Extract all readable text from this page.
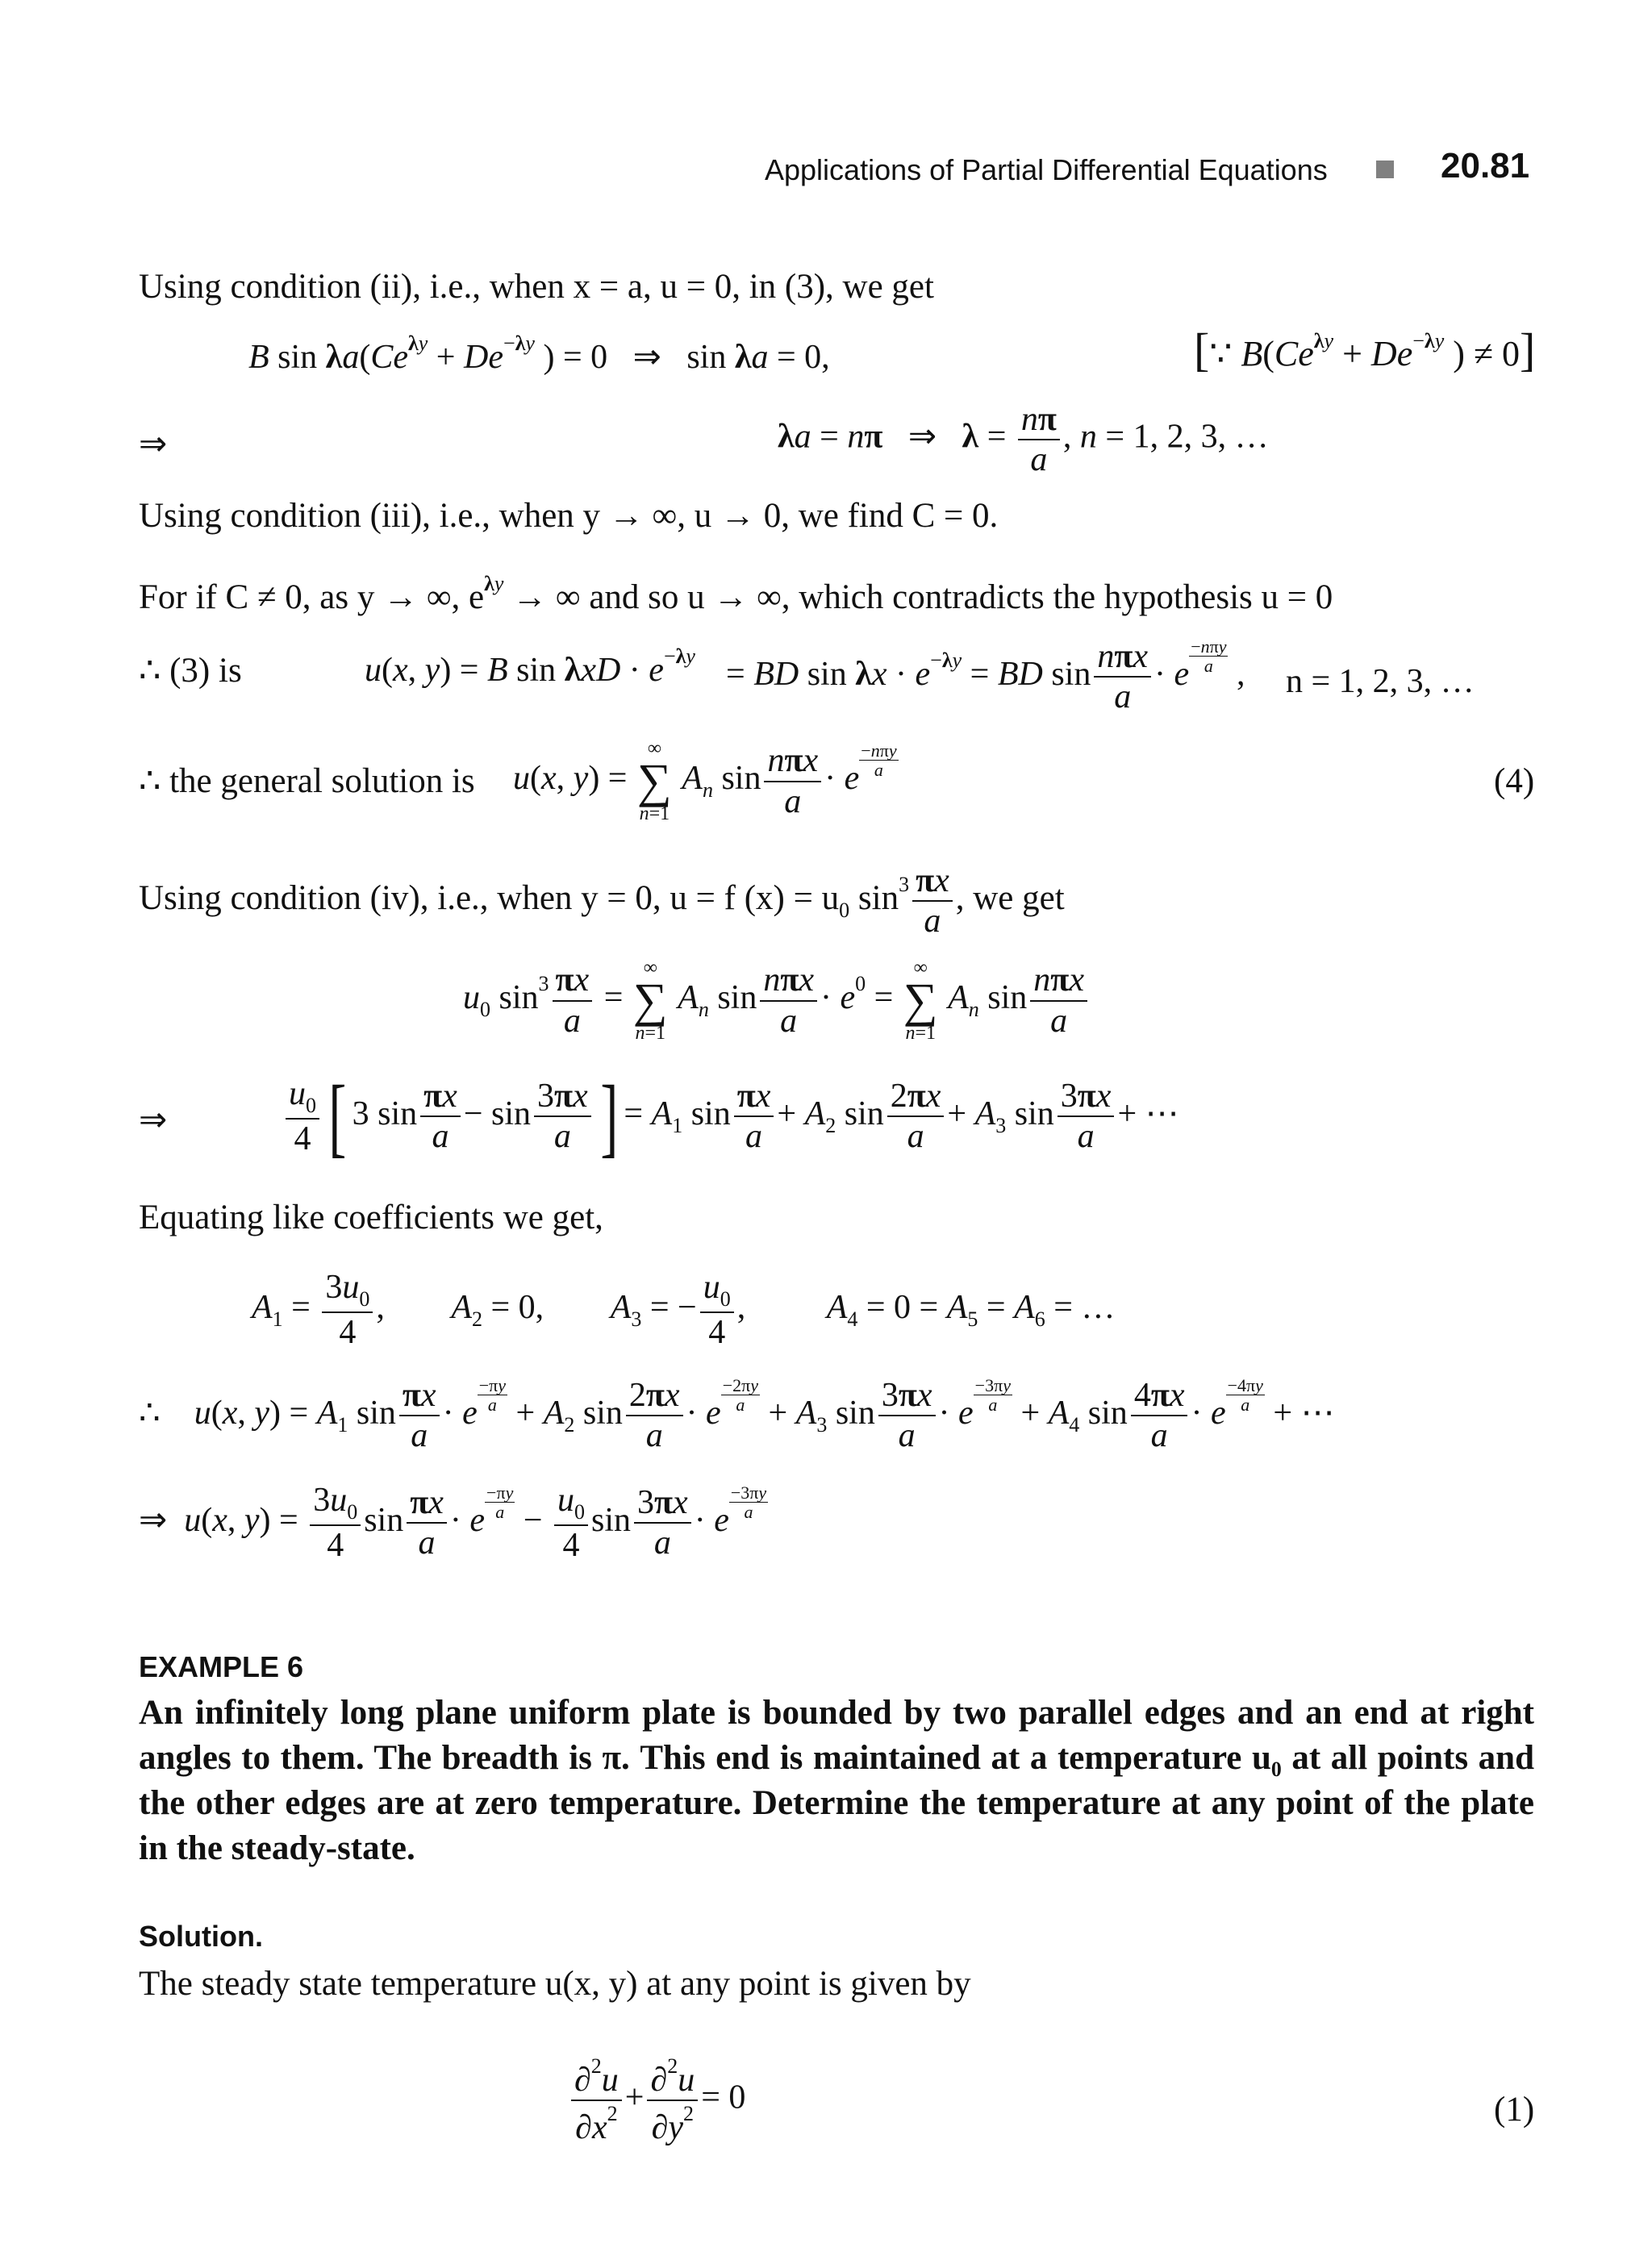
Applications of Partial Differential Equations	20.81
Using condition (ii), i.e., when x = a, u = 0, in (3), we get
B $\sin \lambda a(Ce^{\lambda y} + De^{-\lambda y}$ ) = 0   ⇒   sin λa = 0,	[∵ $B(Ce^{\lambda y} + De^{-\lambda y}$ ) ≠ 0]
⇒	λa = nπ   ⇒   $\lambda = \frac{n\pi}{a}$ , n = 1, 2, 3, …
Using condition (iii), i.e., when y → ∞, u → 0, we find C = 0.
For if C ≠ 0, as y → ∞, $e^{\lambda y}$ → ∞ and so u → ∞, which contradicts the hypothesis u = 0
∴ (3) is	u(x, y) = B $\sin \lambda xD \cdot e^{-\lambda y}$ = BD $\sin \lambda x \cdot e^{-\lambda y}$ = BD $\sin \frac{\text{nπx}}{a} \cdot e \frac{\text{−nπy}}{a}$ , n = 1, 2, 3, …
∴ the general solution is u(x, y) =
∞
∑
n=1
$A_n$ $\sin \frac{\text{nπx}}{a} \cdot e \frac{\text{−nπy}}{a}$
(4)
Using condition (iv), i.e., when y = 0, u = f $(x) = u_0$ $\sin^3 \frac{\pi x}{a}$ , we get
$u_0$ $\sin^3 \frac{\pi x}{a}$ =
∞
∑
n=1
$A_n$ $\sin \frac{\text{nπx}}{a} \cdot e^0$ =
∞
∑
n=1
$A_n$ $\sin \frac{\text{nπx}}{a}$
⇒	$\frac{u_0}{4}$ [ 3 $\sin \frac{\pi x}{a} - \sin \frac{3\pi x}{a}$ ] = $A_1$ $\sin \frac{\pi x}{a} + A_2$ $\sin \frac{2\pi x}{a} + A_3$ $\sin \frac{3\pi x}{a}$ + ⋯
Equating like coefficients we get,
$A_1 = \frac{3u_0}{4}$ , $A_2 = 0$, $A_3$ = − $\frac{u_0}{4}$ , $A_4 = 0 = A_5 = A_6$ = …
∴    u(x, $y) = A_1$ $\sin \frac{\pi x}{a} \cdot e \frac{-\pi y}{a} + A_2$ $\sin \frac{2\pi x}{a} \cdot e \frac{-2\pi y}{a} + A_3$ $\sin \frac{3\pi x}{a} \cdot e \frac{-3\pi y}{a} + A_4$ $\sin \frac{4\pi x}{a} \cdot e \frac{-4\pi y}{a}$ + ⋯
⇒  u(x, $y) = \frac{3u_0}{4}$ $\sin \frac{\pi x}{a} \cdot e \frac{-\pi y}{a} - \frac{u_0}{4}$ $\sin \frac{3\pi x}{a} \cdot e \frac{-3\pi y}{a}$
EXAMPLE 6
An infinitely long plane uniform plate is bounded by two parallel edges and an end at right angles to them. The breadth is π. This end is maintained at a temperature u₀ at all points and the other edges are at zero temperature. Determine the temperature at any point of the plate in the steady-state.
Solution.
The steady state temperature u(x, y) at any point is given by
$\frac{\partial^2u}{\partial x^2} + \frac{\partial^2u}{\partial y^2} = 0$	(1)
